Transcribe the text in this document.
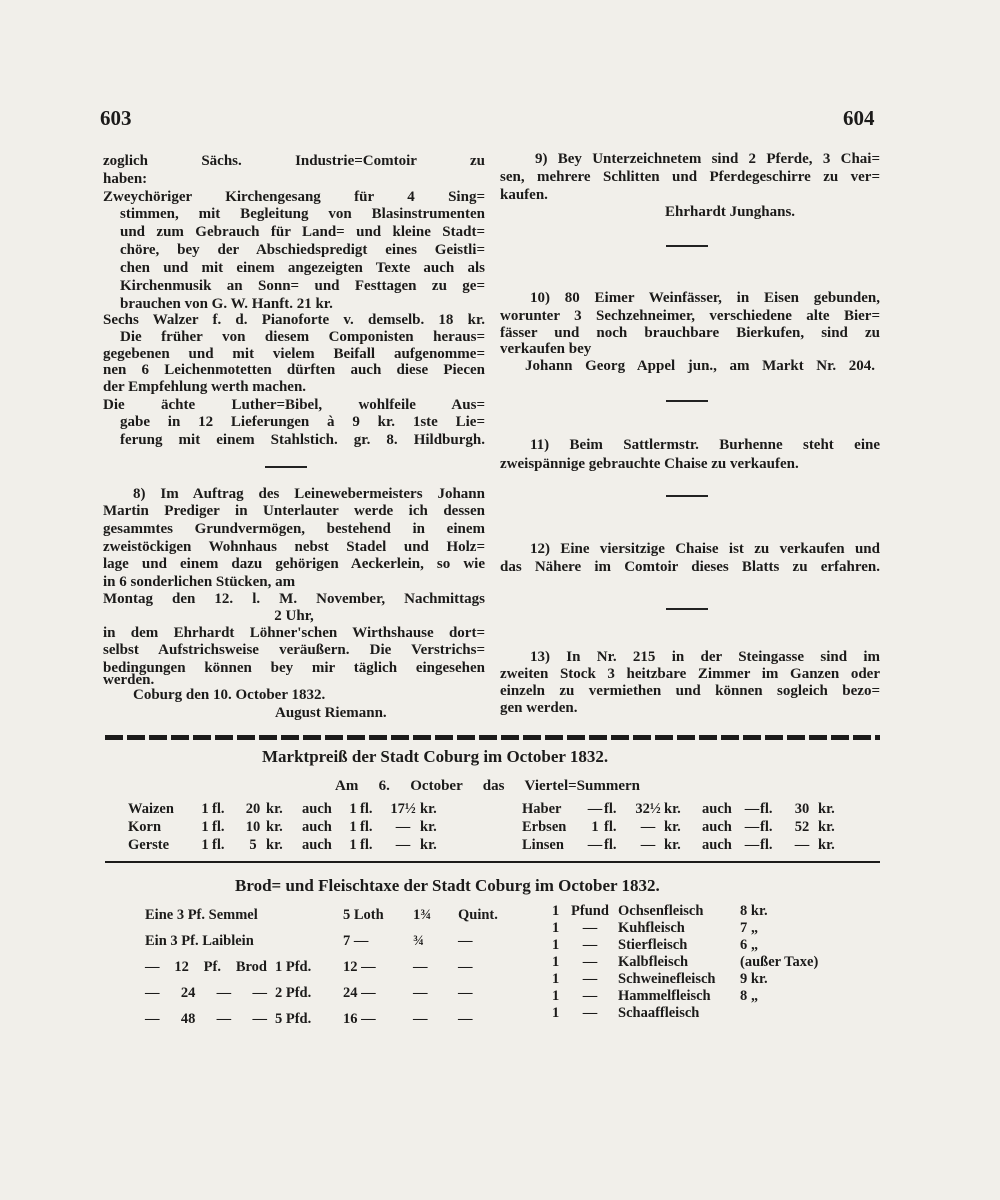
603	604
zoglich Sächs. Industrie=Comtoir zu
haben:
Zweychöriger Kirchengesang für 4 Sing=
stimmen, mit Begleitung von Blasinstrumenten
und zum Gebrauch für Land= und kleine Stadt=
chöre, bey der Abschiedspredigt eines Geistli=
chen und mit einem angezeigten Texte auch als
Kirchenmusik an Sonn= und Festtagen zu ge=
brauchen von G. W. Hanft. 21 kr.
Sechs Walzer f. d. Pianoforte v. demselb. 18 kr.
Die früher von diesem Componisten heraus=
gegebenen und mit vielem Beifall aufgenomme=
nen 6 Leichenmotetten dürften auch diese Piecen
der Empfehlung werth machen.
Die ächte Luther=Bibel, wohlfeile Aus=
gabe in 12 Lieferungen à 9 kr. 1ste Lie=
ferung mit einem Stahlstich. gr. 8. Hildburgh.
8) Im Auftrag des Leinewebermeisters Johann
Martin Prediger in Unterlauter werde ich dessen
gesammtes Grundvermögen, bestehend in einem
zweistöckigen Wohnhaus nebst Stadel und Holz=
lage und einem dazu gehörigen Aeckerlein, so wie
in 6 sonderlichen Stücken, am
Montag den 12. l. M. November, Nachmittags
2 Uhr,
in dem Ehrhardt Löhner'schen Wirthshause dort=
selbst Aufstrichsweise veräußern. Die Verstrichs=
bedingungen können bey mir täglich eingesehen
werden.
Coburg den 10. October 1832.
August Riemann.
9) Bey Unterzeichnetem sind 2 Pferde, 3 Chai=
sen, mehrere Schlitten und Pferdegeschirre zu ver=
kaufen.
Ehrhardt Junghans.
10) 80 Eimer Weinfässer, in Eisen gebunden,
worunter 3 Sechzehneimer, verschiedene alte Bier=
fässer und noch brauchbare Bierkufen, sind zu
verkaufen bey
Johann Georg Appel jun., am Markt Nr. 204.
11) Beim Sattlermstr. Burhenne steht eine
zweispännige gebrauchte Chaise zu verkaufen.
12) Eine viersitzige Chaise ist zu verkaufen und
das Nähere im Comtoir dieses Blatts zu erfahren.
13) In Nr. 215 in der Steingasse sind im
zweiten Stock 3 heitzbare Zimmer im Ganzen oder
einzeln zu vermiethen und können sogleich bezo=
gen werden.
Marktpreiß der Stadt Coburg im October 1832.
Am 6. October das Viertel=Summern
Waizen	1 fl.	20 kr.	auch	1 fl.	17½ kr.
Korn	1 fl.	10 kr.	auch	1 fl.	— kr.
Gerste	1 fl.	5 kr.	auch	1 fl.	— kr.
Haber	— fl.	32½ kr.	auch — fl.	30 kr.
Erbsen	1 fl.	— kr.	auch — fl.	52 kr.
Linsen	— fl.	— kr.	auch — fl.	— kr.
Brod= und Fleischtaxe der Stadt Coburg im October 1832.
Eine 3 Pf. Semmel	5 Loth	1¾	Quint.
Ein 3 Pf. Laiblein	7 —	¾	—
— 12 Pf. Brod 1 Pfd.	12 —	—	—
— 24 — — 2 Pfd.	24 —	—	—
— 48 — — 5 Pfd.	16 —	—	—
1 Pfund Ochsenfleisch	8 kr.
1	—	Kuhfleisch	7 „
1	—	Stierfleisch	6 „
1	—	Kalbfleisch	(außer Taxe)
1	—	Schweinefleisch	9 kr.
1	—	Hammelfleisch	8 „
1	—	Schaaffleisch
